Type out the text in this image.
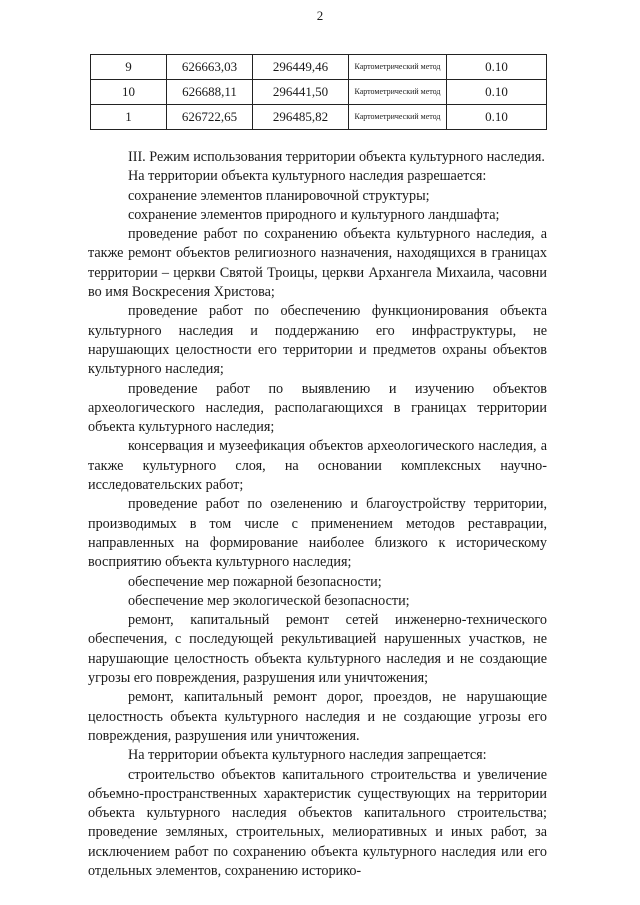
2
9	626663,03	296449,46	Картометрический метод	0.10
10	626688,11	296441,50	Картометрический метод	0.10
1	626722,65	296485,82	Картометрический метод	0.10

III. Режим использования территории объекта культурного наследия.

На территории объекта культурного наследия разрешается:

сохранение элементов планировочной структуры;

сохранение элементов природного и культурного ландшафта;

проведение работ по сохранению объекта культурного наследия, а также ремонт объектов религиозного назначения, находящихся в границах территории – церкви Святой Троицы, церкви Архангела Михаила, часовни во имя Воскресения Христова;

проведение работ по обеспечению функционирования объекта культурного наследия и поддержанию его инфраструктуры, не нарушающих целостности его территории и предметов охраны объектов культурного наследия;

проведение работ по выявлению и изучению объектов археологического наследия, располагающихся в границах территории объекта культурного наследия;

консервация и музеефикация объектов археологического наследия, а также культурного слоя, на основании комплексных научно-исследовательских работ;

проведение работ по озеленению и благоустройству территории, производимых в том числе с применением методов реставрации, направленных на формирование наиболее близкого к историческому восприятию объекта культурного наследия;

обеспечение мер пожарной безопасности;

обеспечение мер экологической безопасности;

ремонт, капитальный ремонт сетей инженерно-технического обеспечения, с последующей рекультивацией нарушенных участков, не нарушающие целостность объекта культурного наследия и не создающие угрозы его повреждения, разрушения или уничтожения;

ремонт, капитальный ремонт дорог, проездов, не нарушающие целостность объекта культурного наследия и не создающие угрозы его повреждения, разрушения или уничтожения.

На территории объекта культурного наследия запрещается:

строительство объектов капитального строительства и увеличение объемно-пространственных характеристик существующих на территории объекта культурного наследия объектов капитального строительства; проведение земляных, строительных, мелиоративных и иных работ, за исключением работ по сохранению объекта культурного наследия или его отдельных элементов, сохранению историко-
